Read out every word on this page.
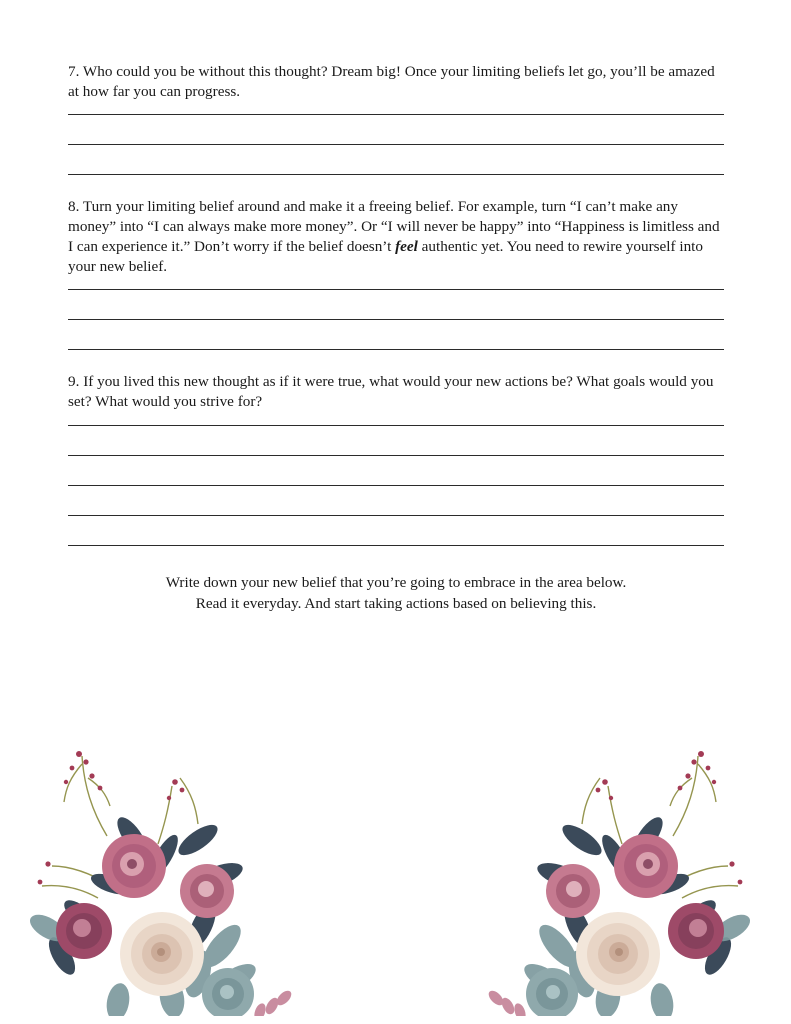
7. Who could you be without this thought? Dream big! Once your limiting beliefs let go, you’ll be amazed at how far you can progress.

8. Turn your limiting belief around and make it a freeing belief. For example, turn “I can’t make any money” into “I can always make more money”. Or “I will never be happy” into “Happiness is limitless and I can experience it.” Don’t worry if the belief doesn’t feel authentic yet. You need to rewire yourself into your new belief.

9. If you lived this new thought as if it were true, what would your new actions be? What goals would you set? What would you strive for?

Write down your new belief that you’re going to embrace in the area below.
Read it everyday. And start taking actions based on believing this.
